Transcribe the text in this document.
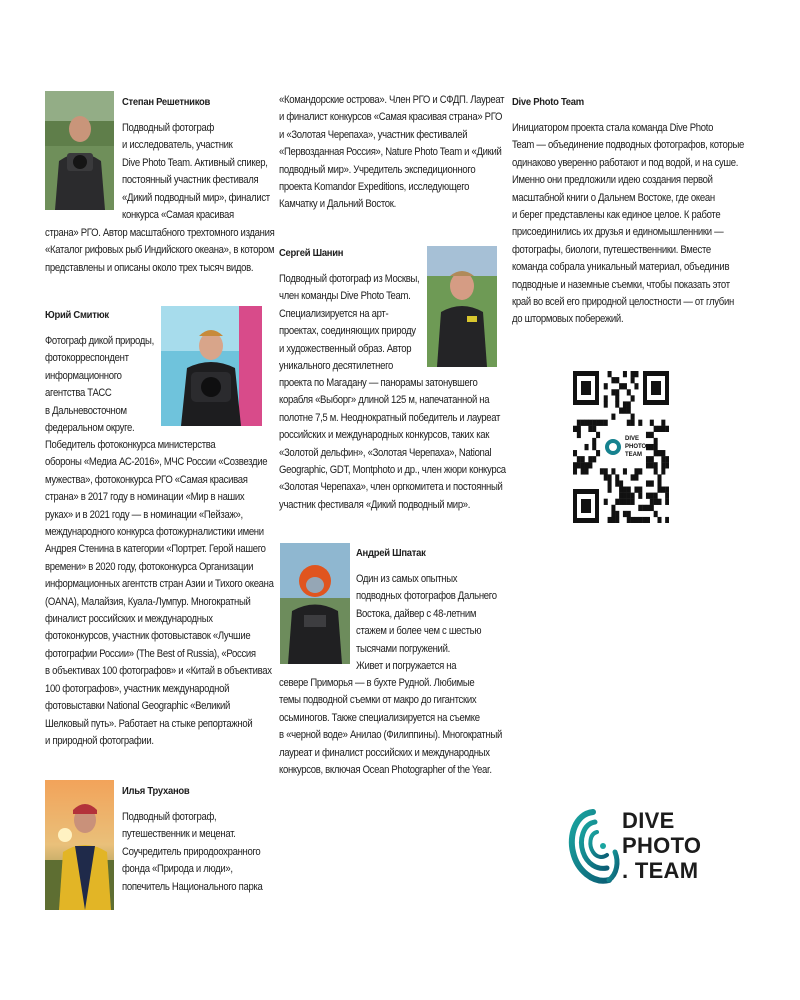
Степан Решетников
Подводный фотограф
и исследователь, участник
Dive Photo Team. Активный спикер,
постоянный участник фестиваля
«Дикий подводный мир», финалист
конкурса «Самая красивая
страна» РГО. Автор масштабного трехтомного издания
«Каталог рифовых рыб Индийского океана», в котором
представлены и описаны около трех тысяч видов.
Юрий Смитюк
Фотограф дикой природы,
фотокорреспондент
информационного
агентства ТАСС
в Дальневосточном
федеральном округе.
Победитель фотоконкурса министерства
обороны «Медиа АС-2016», МЧС России «Созвездие
мужества», фотоконкурса РГО «Самая красивая
страна» в 2017 году в номинации «Мир в наших
руках» и в 2021 году — в номинации «Пейзаж»,
международного конкурса фотожурналистики имени
Андрея Стенина в категории «Портрет. Герой нашего
времени» в 2020 году, фотоконкурса Организации
информационных агентств стран Азии и Тихого океана
(OANA), Малайзия, Куала-Лумпур. Многократный
финалист российских и международных
фотоконкурсов, участник фотовыставок «Лучшие
фотографии России» (The Best of Russia), «Россия
в объективах 100 фотографов» и «Китай в объективах
100 фотографов», участник международной
фотовыставки National Geographic «Великий
Шелковый путь». Работает на стыке репортажной
и природной фотографии.
Илья Труханов
Подводный фотограф,
путешественник и меценат.
Соучредитель природоохранного
фонда «Природа и люди»,
попечитель Национального парка
«Командорские острова». Член РГО и СФДП. Лауреат
и финалист конкурсов «Самая красивая страна» РГО
и «Золотая Черепаха», участник фестивалей
«Первозданная Россия», Nature Photo Team и «Дикий
подводный мир». Учредитель экспедиционного
проекта Komandor Expeditions, исследующего
Камчатку и Дальний Восток.
Сергей Шанин
Подводный фотограф из Москвы,
член команды Dive Photo Team.
Специализируется на арт-
проектах, соединяющих природу
и художественный образ. Автор
уникального десятилетнего
проекта по Магадану — панорамы затонувшего
корабля «Выборг» длиной 125 м, напечатанной на
полотне 7,5 м. Неоднократный победитель и лауреат
российских и международных конкурсов, таких как
«Золотой дельфин», «Золотая Черепаха», National
Geographic, GDT, Montphoto и др., член жюри конкурса
«Золотая Черепаха», член оргкомитета и постоянный
участник фестиваля «Дикий подводный мир».
Андрей Шпатак
Один из самых опытных
подводных фотографов Дальнего
Востока, дайвер с 48-летним
стажем и более чем с шестью
тысячами погружений.
Живет и погружается на
севере Приморья — в бухте Рудной. Любимые
темы подводной съемки от макро до гигантских
осьминогов. Также специализируется на съемке
в «черной воде» Анилао (Филиппины). Многократный
лауреат и финалист российских и международных
конкурсов, включая Ocean Photographer of the Year.
Dive Photo Team
Инициатором проекта стала команда Dive Photo
Team — объединение подводных фотографов, которые
одинаково уверенно работают и под водой, и на суше.
Именно они предложили идею создания первой
масштабной книги о Дальнем Востоке, где океан
и берег представлены как единое целое. К работе
присоединились их друзья и единомышленники —
фотографы, биологи, путешественники. Вместе
команда собрала уникальный материал, объединив
подводные и наземные съемки, чтобы показать этот
край во всей его природной целостности — от глубин
до штормовых побережий.
DIVE
PHOTO
TEAM
DIVE
PHOTO
. TEAM
